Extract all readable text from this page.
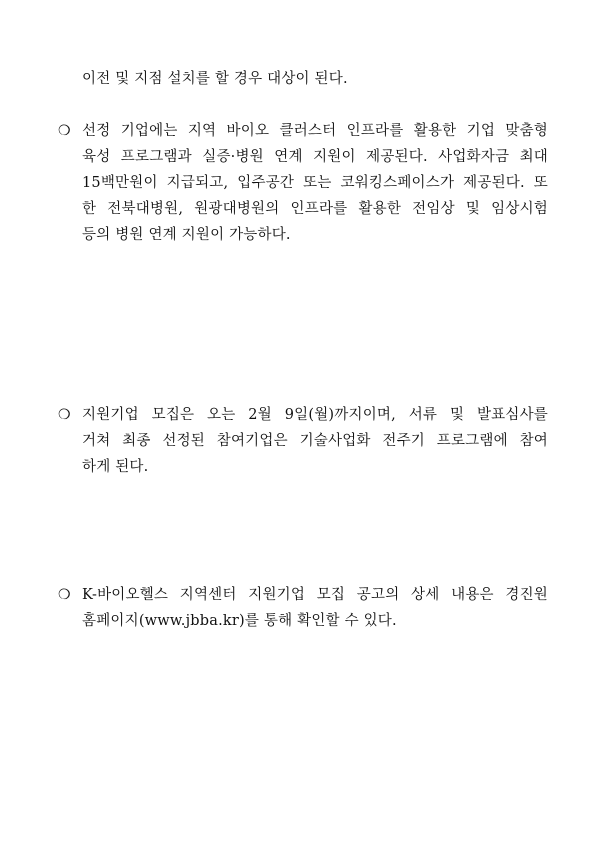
이전 및 지점 설치를 할 경우 대상이 된다.
❍ 선정 기업에는 지역 바이오 클러스터 인프라를 활용한 기업 맞춤형
육성 프로그램과 실증·병원 연계 지원이 제공된다. 사업화자금 최대
15백만원이 지급되고, 입주공간 또는 코워킹스페이스가 제공된다. 또
한 전북대병원, 원광대병원의 인프라를 활용한 전임상 및 임상시험
등의 병원 연계 지원이 가능하다.
❍ 지원기업 모집은 오는 2월 9일(월)까지이며, 서류 및 발표심사를
거쳐 최종 선정된 참여기업은 기술사업화 전주기 프로그램에 참여
하게 된다.
❍ K-바이오헬스 지역센터 지원기업 모집 공고의 상세 내용은 경진원
홈페이지(www.jbba.kr)를 통해 확인할 수 있다.
